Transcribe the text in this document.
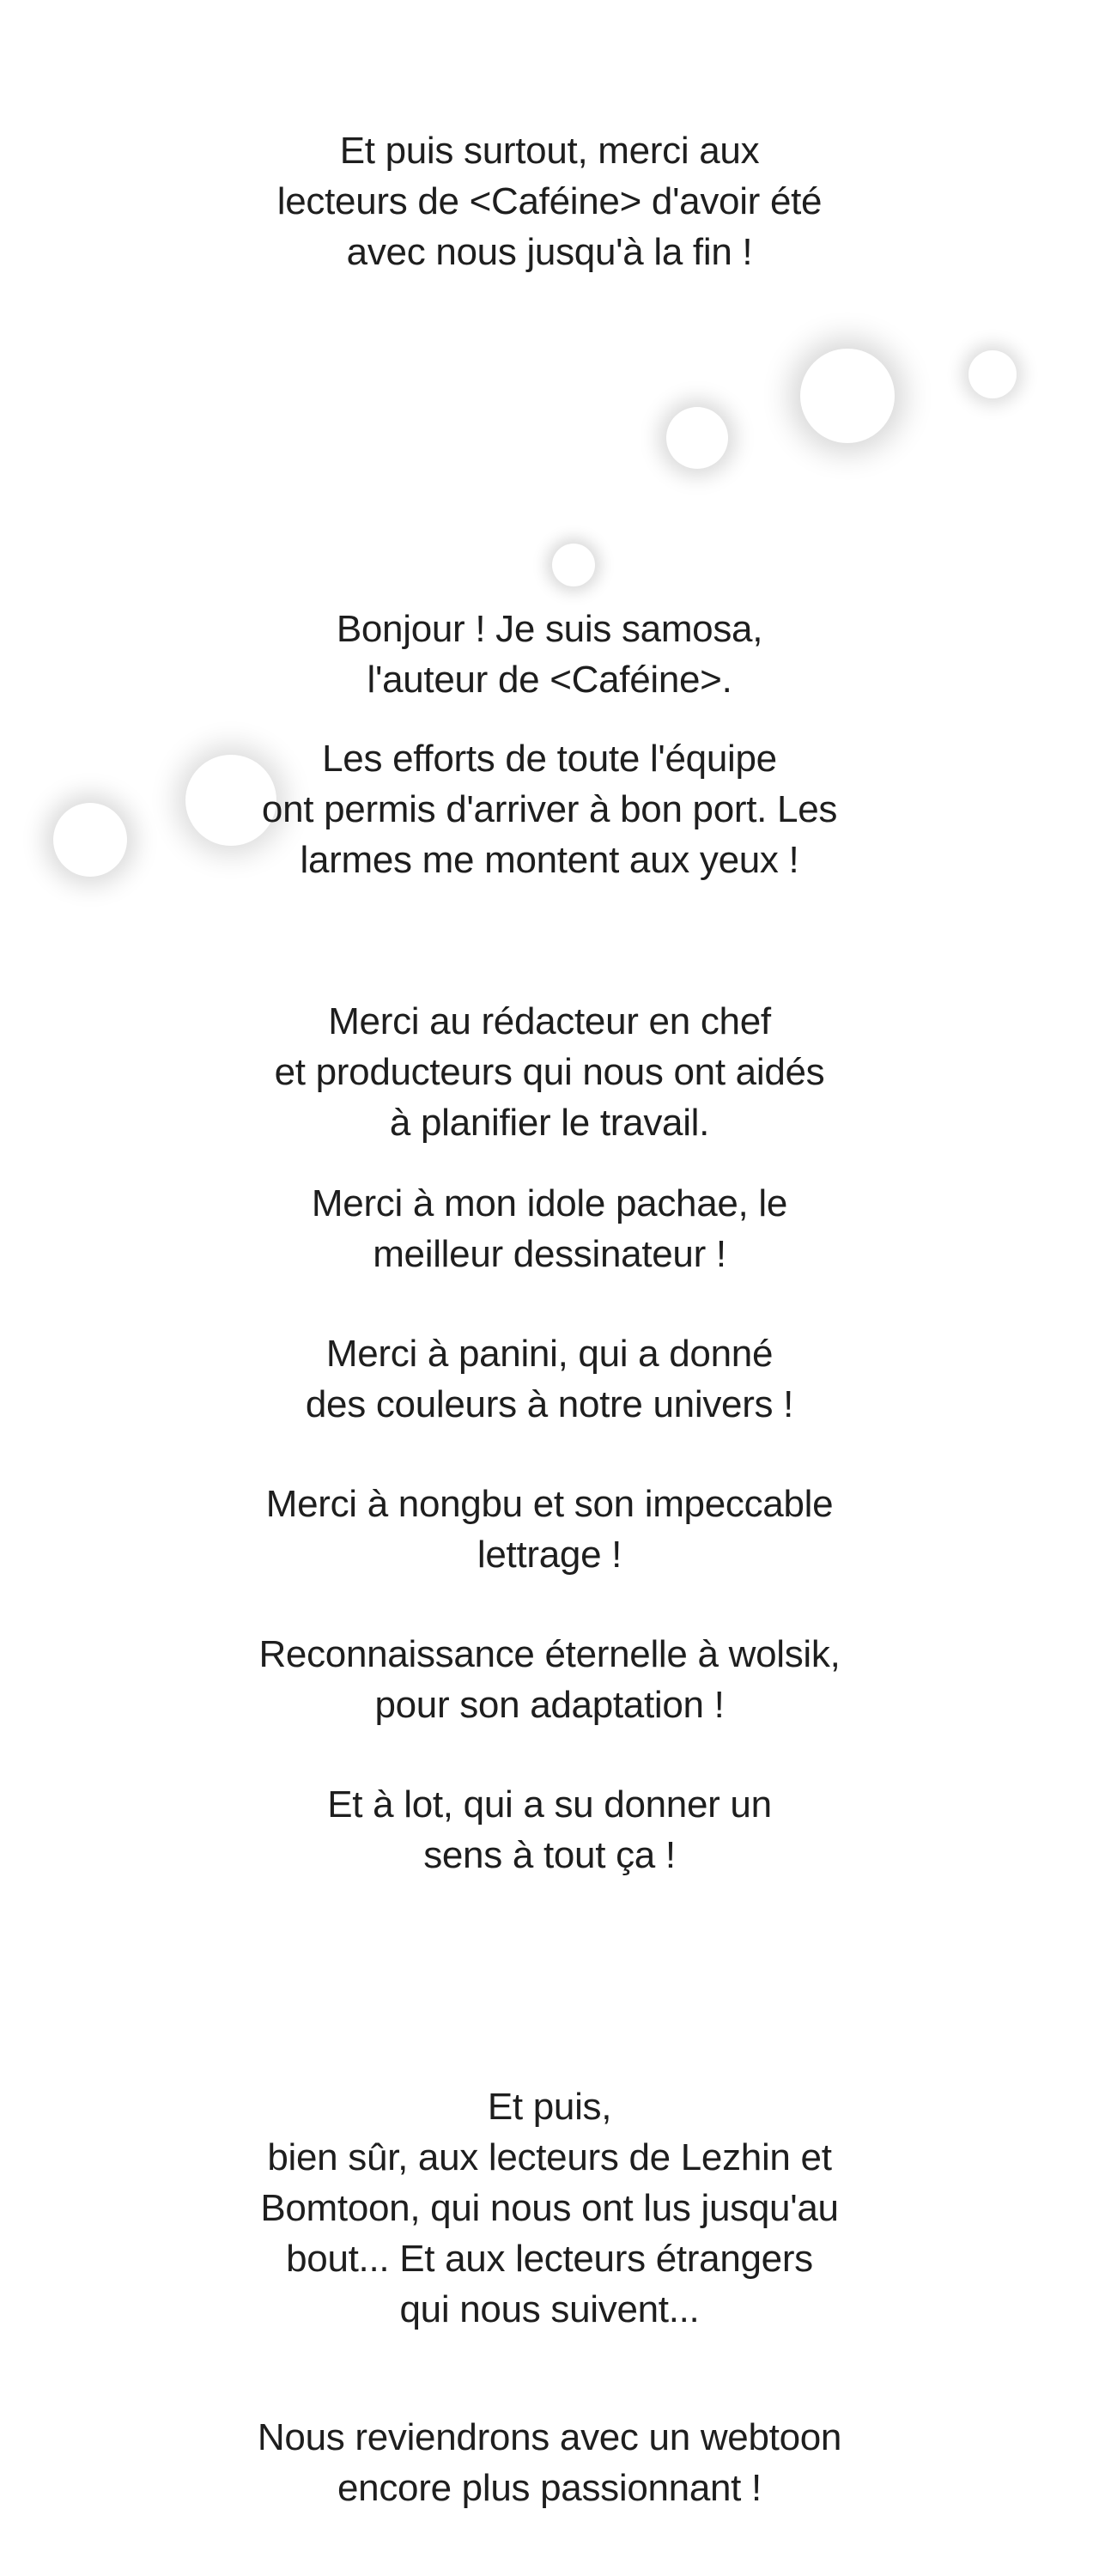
Et puis surtout, merci aux
lecteurs de <Caféine> d'avoir été
avec nous jusqu'à la fin !

Bonjour ! Je suis samosa,
l'auteur de <Caféine>.

Les efforts de toute l'équipe
ont permis d'arriver à bon port. Les
larmes me montent aux yeux !

Merci au rédacteur en chef
et producteurs qui nous ont aidés
à planifier le travail.

Merci à mon idole pachae, le
meilleur dessinateur !

Merci à panini, qui a donné
des couleurs à notre univers !

Merci à nongbu et son impeccable
lettrage !

Reconnaissance éternelle à wolsik,
pour son adaptation !

Et à lot, qui a su donner un
sens à tout ça !

Et puis,
bien sûr, aux lecteurs de Lezhin et
Bomtoon, qui nous ont lus jusqu'au
bout... Et aux lecteurs étrangers
qui nous suivent...

Nous reviendrons avec un webtoon
encore plus passionnant !
